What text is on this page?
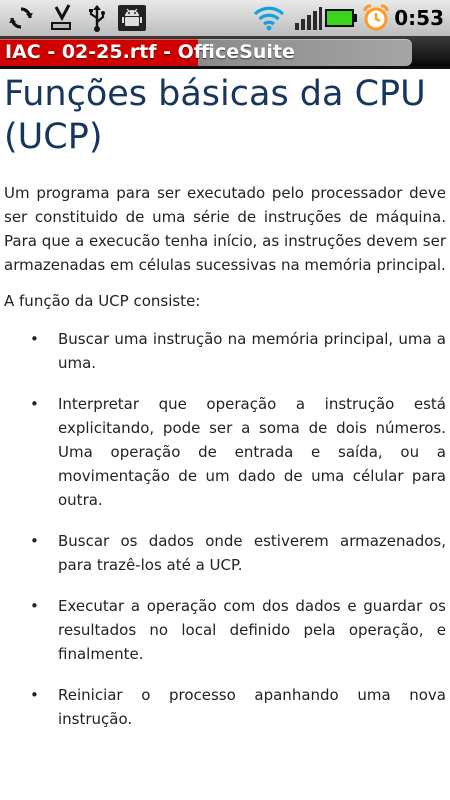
0:53
IAC - 02-25.rtf - OfficeSuite
Funções básicas da CPU (UCP)

Um programa para ser executado pelo processador deve ser constituido de uma série de instruções de máquina. Para que a execucão tenha início, as instruções devem ser armazenadas em células sucessivas na memória principal.

A função da UCP consiste:

• Buscar uma instrução na memória principal, uma a uma.
• Interpretar que operação a instrução está explicitando, pode ser a soma de dois números. Uma operação de entrada e saída, ou a movimentação de um dado de uma célular para outra.
• Buscar os dados onde estiverem armazenados, para trazê-los até a UCP.
• Executar a operação com dos dados e guardar os resultados no local definido pela operação, e finalmente.
• Reiniciar o processo apanhando uma nova instrução.
